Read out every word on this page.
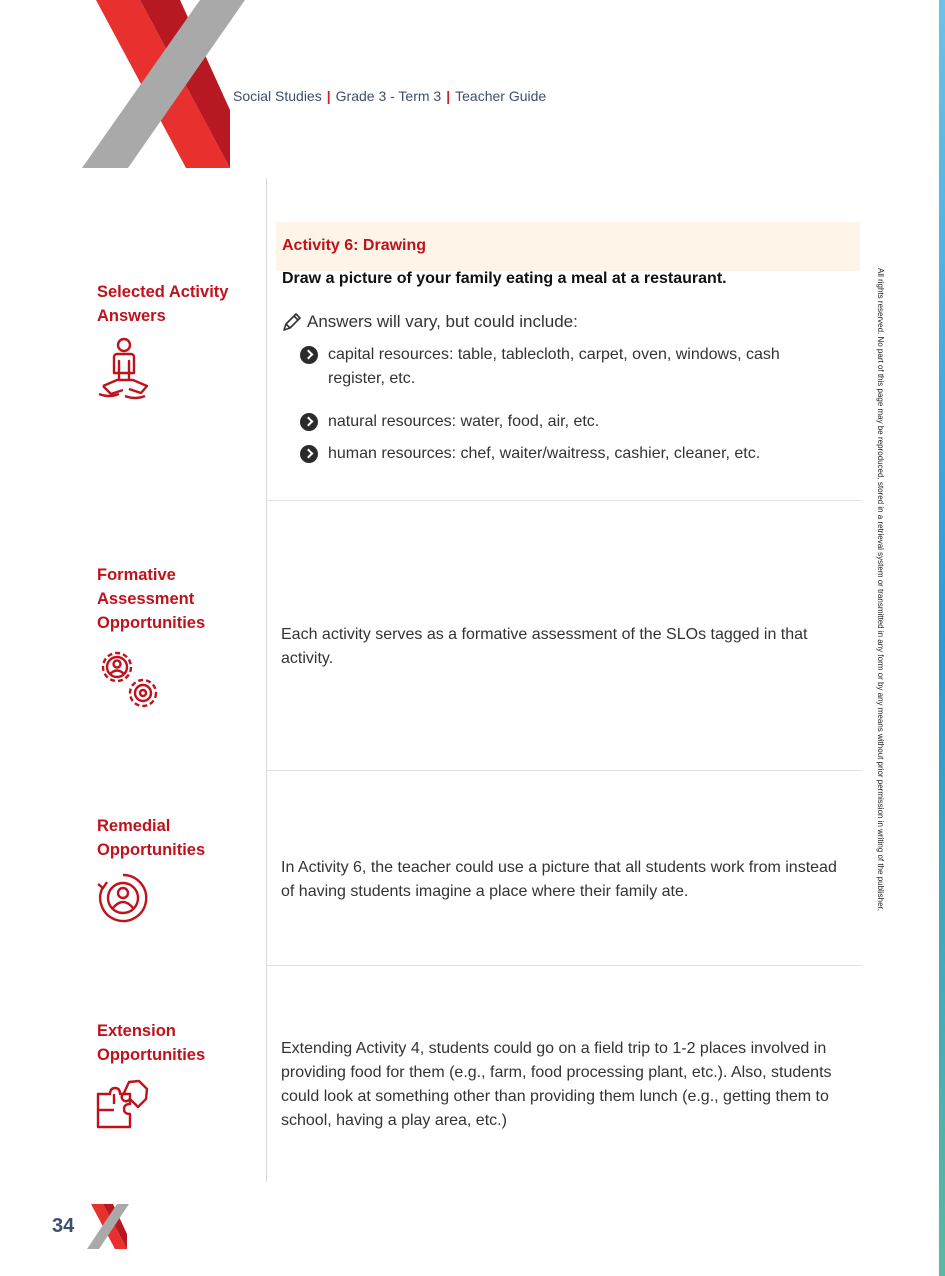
Social Studies | Grade 3 - Term 3 | Teacher Guide
Selected Activity
Answers
Activity 6: Drawing
Draw a picture of your family eating a meal at a restaurant.
Answers will vary, but could include:
capital resources: table, tablecloth, carpet, oven, windows, cash register, etc.
natural resources: water, food, air, etc.
human resources: chef, waiter/waitress, cashier, cleaner, etc.
Formative
Assessment
Opportunities
Each activity serves as a formative assessment of the SLOs tagged in that activity.
Remedial
Opportunities
In Activity 6, the teacher could use a picture that all students work from instead of having students imagine a place where their family ate.
Extension
Opportunities	Extending Activity 4, students could go on a field trip to 1-2 places involved in providing food for them (e.g., farm, food processing plant, etc.). Also, students could look at something other than providing them lunch (e.g., getting them to school, having a play area, etc.)
All rights reserved. No part of this page may be reproduced, stored in a retrieval system or transmitted in any form or by any means without prior permission in writing of the publisher.
34
